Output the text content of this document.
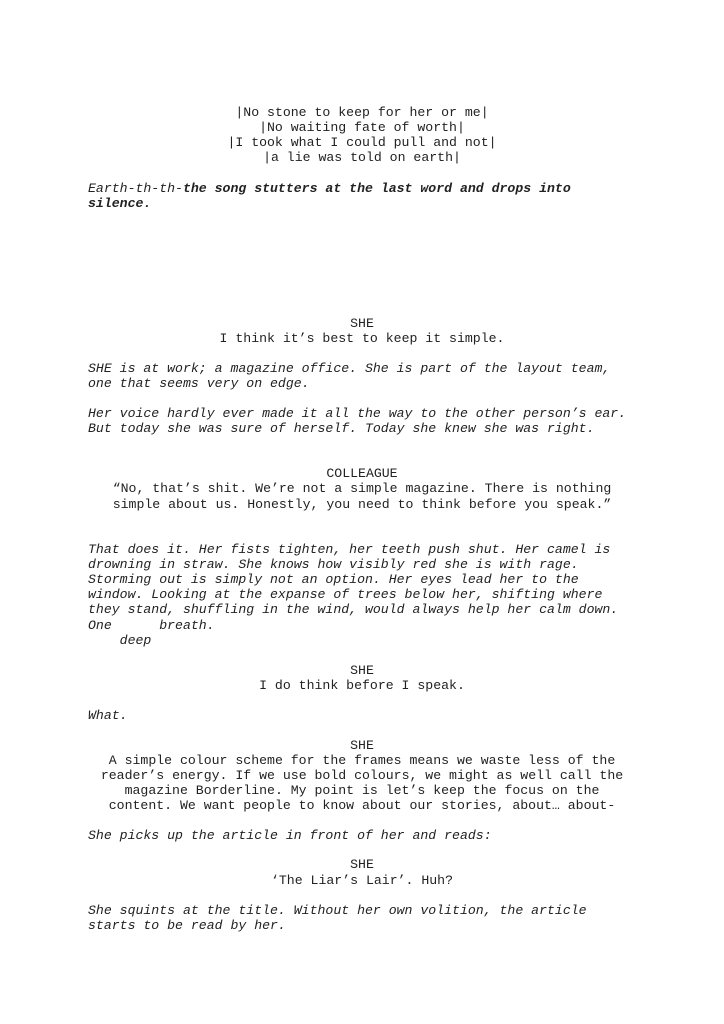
|No stone to keep for her or me|
|No waiting fate of worth|
|I took what I could pull and not|
|a lie was told on earth|
Earth-th-th-the song stutters at the last word and drops into
silence.
SHE
I think it’s best to keep it simple.
SHE is at work; a magazine office. She is part of the layout team,
one that seems very on edge.
Her voice hardly ever made it all the way to the other person’s ear.
But today she was sure of herself. Today she knew she was right.
COLLEAGUE
“No, that’s shit. We’re not a simple magazine. There is nothing
simple about us. Honestly, you need to think before you speak.”
That does it. Her fists tighten, her teeth push shut. Her camel is
drowning in straw. She knows how visibly red she is with rage.
Storming out is simply not an option. Her eyes lead her to the
window. Looking at the expanse of trees below her, shifting where
they stand, shuffling in the wind, would always help her calm down.
One      breath.
deep
SHE
I do think before I speak.
What.
SHE
A simple colour scheme for the frames means we waste less of the
reader’s energy. If we use bold colours, we might as well call the
magazine Borderline. My point is let’s keep the focus on the
content. We want people to know about our stories, about… about-
She picks up the article in front of her and reads:
SHE
‘The Liar’s Lair’. Huh?
She squints at the title. Without her own volition, the article
starts to be read by her.
